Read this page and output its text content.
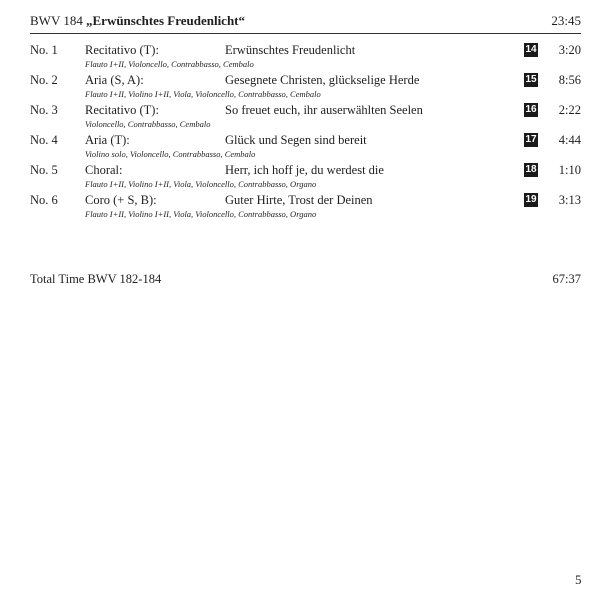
BWV 184 „Erwünschtes Freudenlicht“	23:45
No. 1 Recitativo (T):	Erwünschtes Freudenlicht	14 3:20
Flauto I+II, Violoncello, Contrabbasso, Cembalo
No. 2 Aria (S, A):	Gesegnete Christen, glückselige Herde	15 8:56
Flauto I+II, Violino I+II, Viola, Violoncello, Contrabbasso, Cembalo
No. 3 Recitativo (T):	So freuet euch, ihr auserwählten Seelen	16 2:22
Violoncello, Contrabbasso, Cembalo
No. 4 Aria (T):	Glück und Segen sind bereit	17 4:44
Violino solo, Violoncello, Contrabbasso, Cembalo
No. 5 Choral:	Herr, ich hoff je, du werdest die	18 1:10
Flauto I+II, Violino I+II, Viola, Violoncello, Contrabbasso, Organo
No. 6 Coro (+ S, B):	Guter Hirte, Trost der Deinen	19 3:13
Flauto I+II, Violino I+II, Viola, Violoncello, Contrabbasso, Organo
Total Time BWV 182-184	67:37
5
